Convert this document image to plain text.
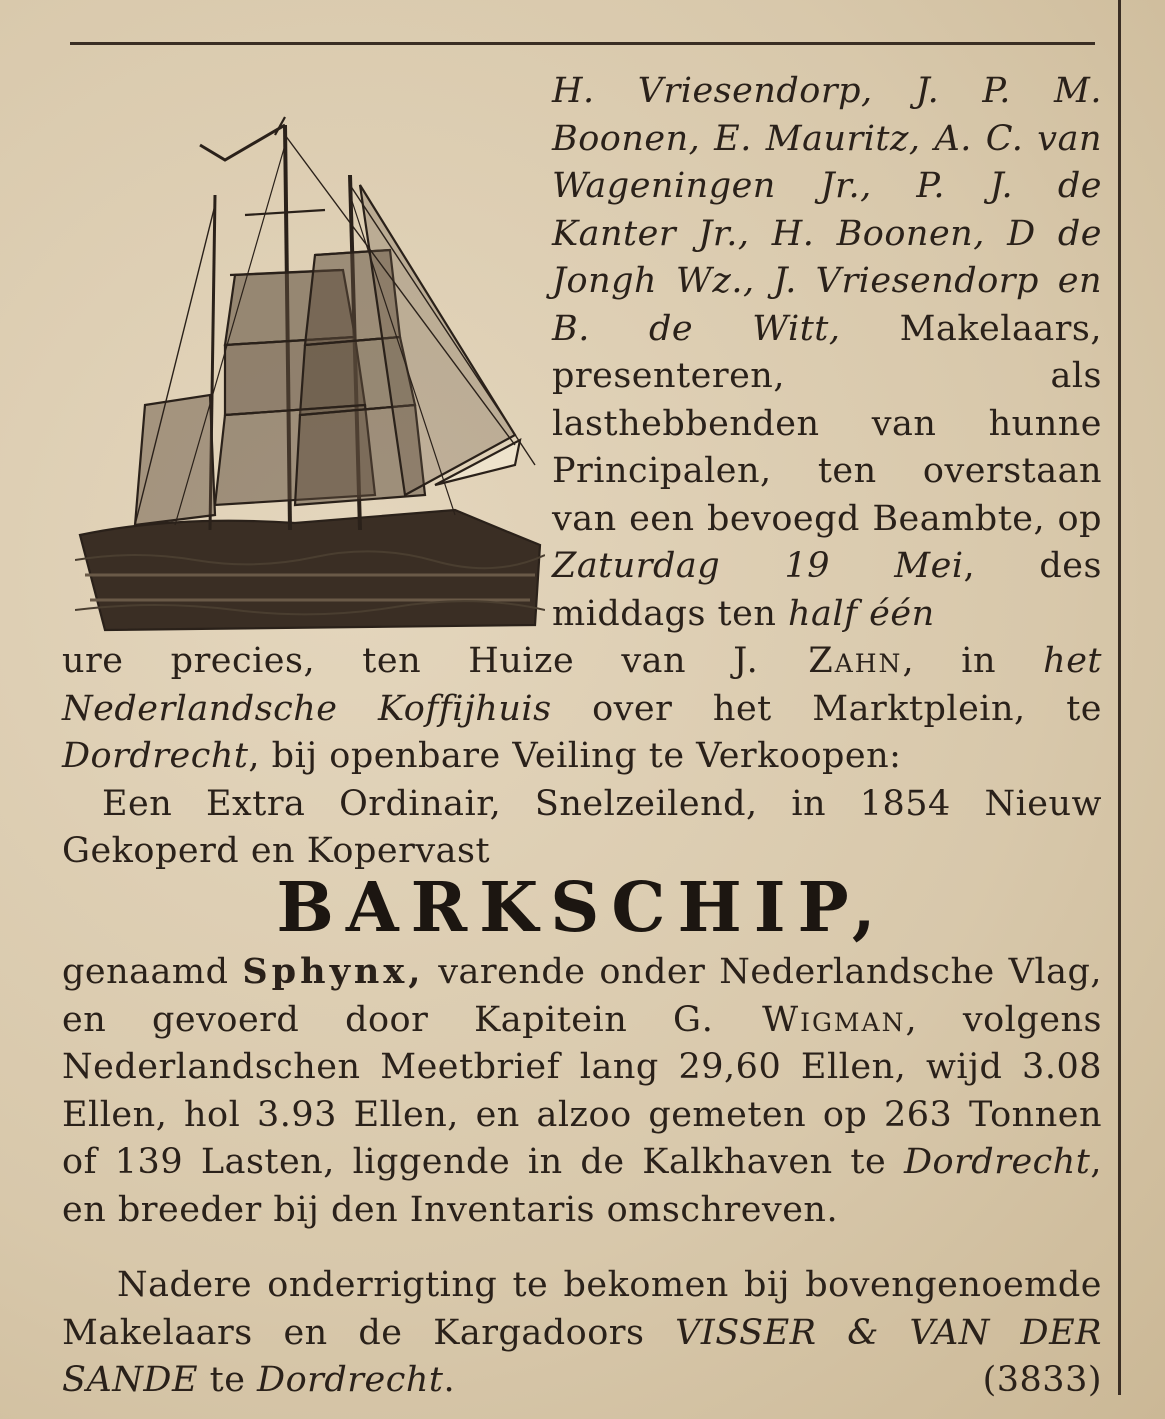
H. Vriesendorp, J. P. M. Boonen, E. Mauritz, A. C. van Wageningen Jr., P. J. de Kanter Jr., H. Boonen, D de Jongh Wz., J. Vriesendorp en B. de Witt, Makelaars, presenteren, als lasthebbenden van hunne Principalen, ten overstaan van een bevoegd Beambte, op Zaturdag 19 Mei, des middags ten half één

ure precies, ten Huize van J. Zahn, in het Nederlandsche Koffijhuis over het Marktplein, te Dordrecht, bij openbare Veiling te Verkoopen:

Een Extra Ordinair, Snelzeilend, in 1854 Nieuw Gekoperd en Kopervast

BARKSCHIP,

genaamd Sphynx, varende onder Nederlandsche Vlag, en gevoerd door Kapitein G. Wigman, volgens Nederlandschen Meetbrief lang 29,60 Ellen, wijd 3.08 Ellen, hol 3.93 Ellen, en alzoo gemeten op 263 Tonnen of 139 Lasten, liggende in de Kalkhaven te Dordrecht, en breeder bij den Inventaris omschreven.

Nadere onderrigting te bekomen bij bovengenoemde Makelaars en de Kargadoors VISSER & VAN DER SANDE te Dordrecht.	(3833)
